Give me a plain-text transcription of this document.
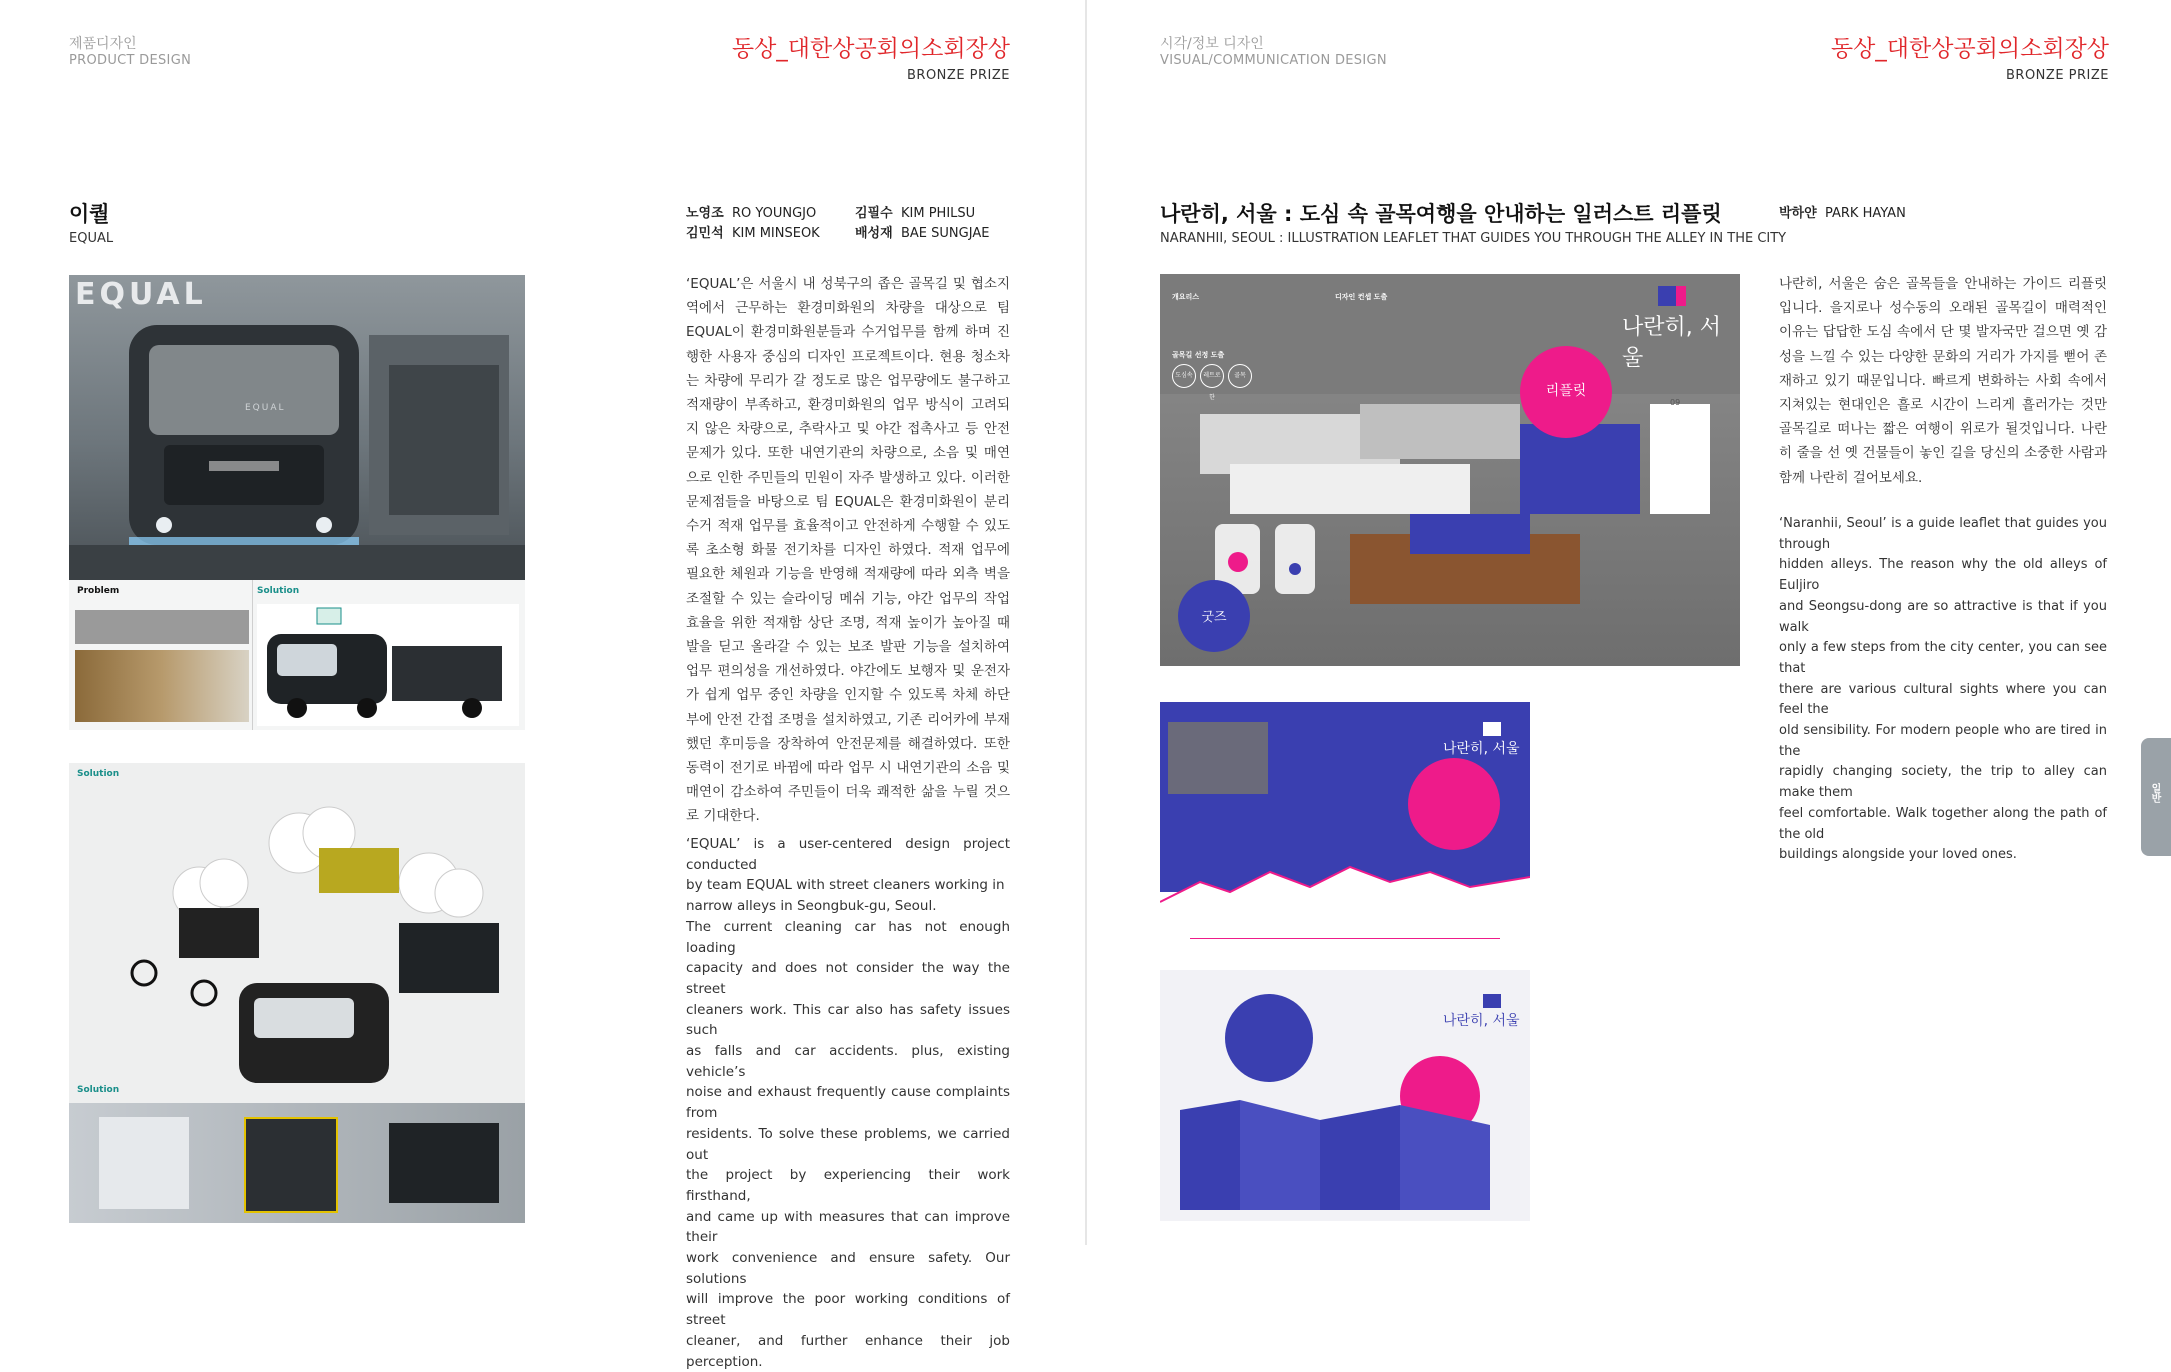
제품디자인
PRODUCT DESIGN	동상_대한상공회의소회장상
BRONZE PRIZE
이퀄
EQUAL
노영조 RO YOUNGJO	김필수 KIM PHILSU
김민석 KIM MINSEOK	배성재 BAE SUNGJAE
‘EQUAL’은 서울시 내 성북구의 좁은 골목길 및 협소지역에서 근무하는 환경미화원의 차량을 대상으로 팀 EQUAL이 환경미화원분들과 수거업무를 함께 하며 진행한 사용자 중심의 디자인 프로젝트이다. 현용 청소차는 차량에 무리가 갈 정도로 많은 업무량에도 불구하고 적재량이 부족하고, 환경미화원의 업무 방식이 고려되지 않은 차량으로, 추락사고 및 야간 접촉사고 등 안전 문제가 있다. 또한 내연기관의 차량으로, 소음 및 매연으로 인한 주민들의 민원이 자주 발생하고 있다. 이러한 문제점들을 바탕으로 팀 EQUAL은 환경미화원이 분리수거 적재 업무를 효율적이고 안전하게 수행할 수 있도록 초소형 화물 전기차를 디자인 하였다. 적재 업무에 필요한 체원과 기능을 반영해 적재량에 따라 외측 벽을 조절할 수 있는 슬라이딩 메쉬 기능, 야간 업무의 작업효율을 위한 적재함 상단 조명, 적재 높이가 높아질 때 발을 딛고 올라갈 수 있는 보조 발판 기능을 설치하여 업무 편의성을 개선하였다. 야간에도 보행자 및 운전자가 쉽게 업무 중인 차량을 인지할 수 있도록 차체 하단부에 안전 간접 조명을 설치하였고, 기존 리어카에 부재했던 후미등을 장착하여 안전문제를 해결하였다. 또한 동력이 전기로 바뀜에 따라 업무 시 내연기관의 소음 및 매연이 감소하여 주민들이 더욱 쾌적한 삶을 누릴 것으로 기대한다.
‘EQUAL’ is a user-centered design project conducted
by team EQUAL with street cleaners working in
narrow alleys in Seongbuk-gu, Seoul.
The current cleaning car has not enough loading
capacity and does not consider the way the street
cleaners work. This car also has safety issues such
as falls and car accidents. plus, existing vehicle’s
noise and exhaust frequently cause complaints from
residents. To solve these problems, we carried out
the project by experiencing their work firsthand,
and came up with measures that can improve their
work convenience and ensure safety. Our solutions
will improve the poor working conditions of street
cleaner, and further enhance their job perception.
EQUAL
EQUAL
Problem	Solution
Solution
Solution
시각/정보 디자인
VISUAL/COMMUNICATION DESIGN	동상_대한상공회의소회장상
BRONZE PRIZE
나란히, 서울 : 도심 속 골목여행을 안내하는 일러스트 리플릿
NARANHII, SEOUL : ILLUSTRATION LEAFLET THAT GUIDES YOU THROUGH THE ALLEY IN THE CITY
박하얀 PARK HAYAN
나란히, 서울은 숨은 골목들을 안내하는 가이드 리플릿입니다. 을지로나 성수동의 오래된 골목길이 매력적인 이유는 답답한 도심 속에서 단 몇 발자국만 걸으면 옛 감성을 느낄 수 있는 다양한 문화의 거리가 가지를 뻗어 존재하고 있기 때문입니다. 빠르게 변화하는 사회 속에서 지쳐있는 현대인은 흘로 시간이 느리게 흘러가는 것만 골목길로 떠나는 짧은 여행이 위로가 될것입니다. 나란히 줄을 선 옛 건물들이 놓인 길을 당신의 소중한 사람과 함께 나란히 걸어보세요.
‘Naranhii, Seoul’ is a guide leaflet that guides you through
hidden alleys. The reason why the old alleys of Euljiro
and Seongsu-dong are so attractive is that if you walk
only a few steps from the city center, you can see that
there are various cultural sights where you can feel the
old sensibility. For modern people who are tired in the
rapidly changing society, the trip to alley can make them
feel comfortable. Walk together along the path of the old
buildings alongside your loved ones.
개요리스	디자인 컨셉 도출
골목길 선정 도출
도심속	레트로한
골목
나란히, 서울
리플릿
굿즈
09
나란히, 서울
나란히, 서울
일반
